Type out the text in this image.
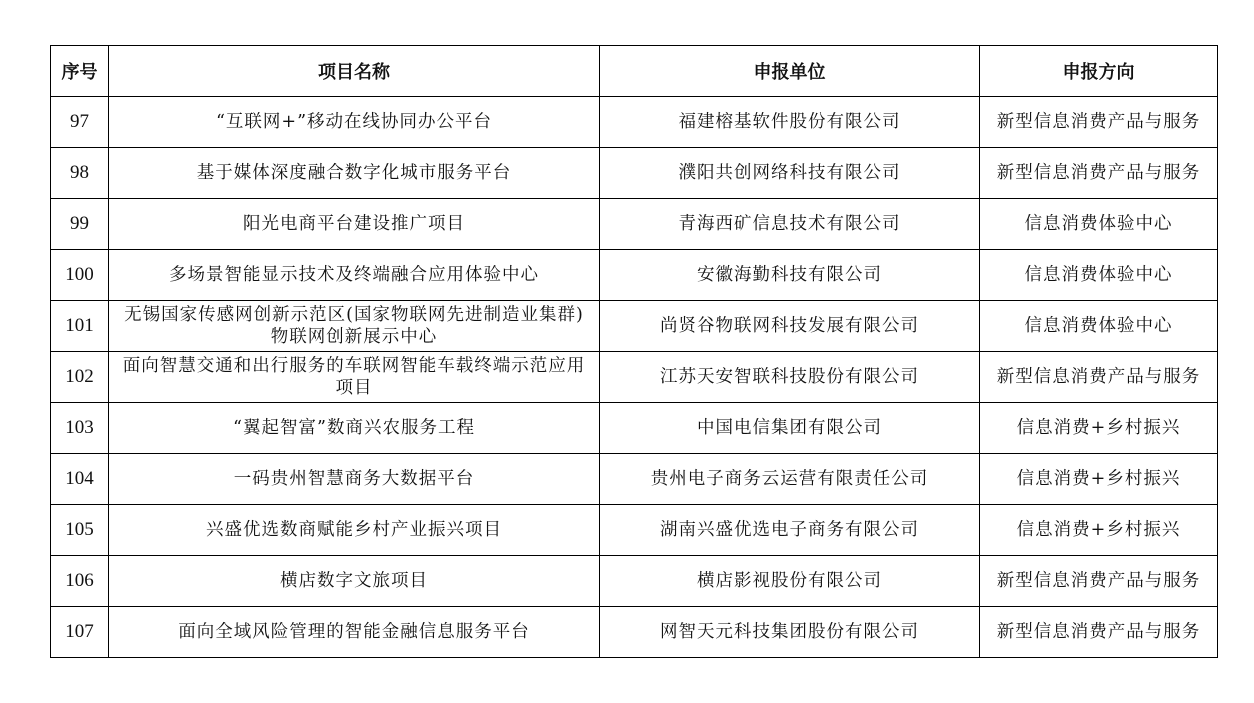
序号	项目名称	申报单位	申报方向
97	“互联网+”移动在线协同办公平台	福建榕基软件股份有限公司	新型信息消费产品与服务
98	基于媒体深度融合数字化城市服务平台	濮阳共创网络科技有限公司	新型信息消费产品与服务
99	阳光电商平台建设推广项目	青海西矿信息技术有限公司	信息消费体验中心
100	多场景智能显示技术及终端融合应用体验中心	安徽海勤科技有限公司	信息消费体验中心
101	无锡国家传感网创新示范区(国家物联网先进制造业集群)物联网创新展示中心	尚贤谷物联网科技发展有限公司	信息消费体验中心
102	面向智慧交通和出行服务的车联网智能车载终端示范应用项目	江苏天安智联科技股份有限公司	新型信息消费产品与服务
103	“翼起智富”数商兴农服务工程	中国电信集团有限公司	信息消费+乡村振兴
104	一码贵州智慧商务大数据平台	贵州电子商务云运营有限责任公司	信息消费+乡村振兴
105	兴盛优选数商赋能乡村产业振兴项目	湖南兴盛优选电子商务有限公司	信息消费+乡村振兴
106	横店数字文旅项目	横店影视股份有限公司	新型信息消费产品与服务
107	面向全域风险管理的智能金融信息服务平台	网智天元科技集团股份有限公司	新型信息消费产品与服务
